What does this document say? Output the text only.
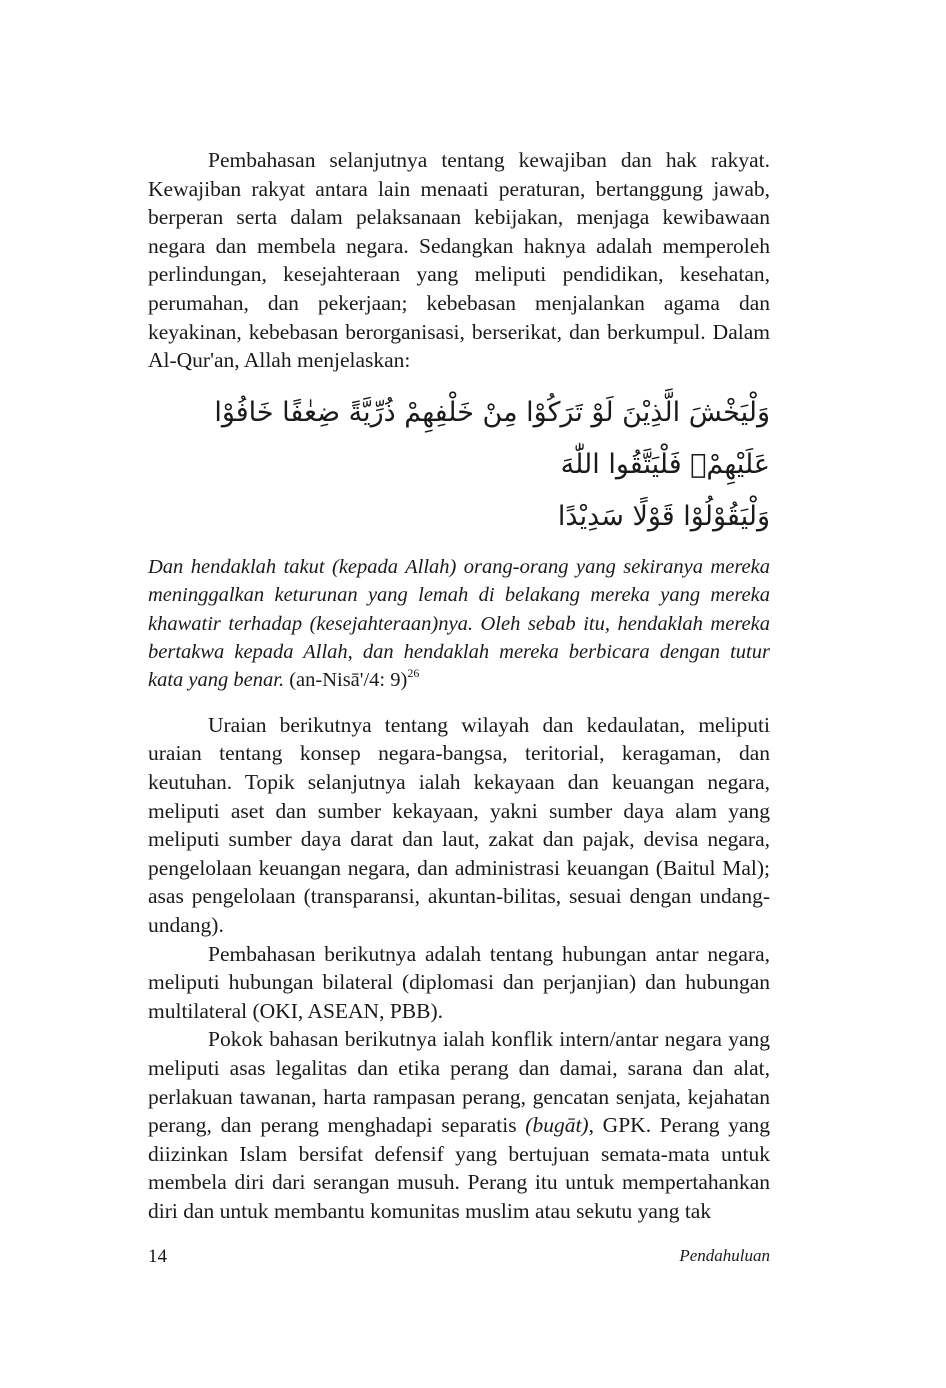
Pembahasan selanjutnya tentang kewajiban dan hak rakyat. Kewajiban rakyat antara lain menaati peraturan, bertanggung jawab, berperan serta dalam pelaksanaan kebijakan, menjaga kewibawaan negara dan membela negara. Sedangkan haknya adalah memperoleh perlindungan, kesejahteraan yang meliputi pendidikan, kesehatan, perumahan, dan pekerjaan; kebebasan menjalankan agama dan keyakinan, kebebasan berorganisasi, berserikat, dan berkumpul. Dalam Al-Qur'an, Allah menjelaskan:

وَلْيَخْشَ الَّذِيْنَ لَوْ تَرَكُوْا مِنْ خَلْفِهِمْ ذُرِّيَّةً ضِعٰفًا خَافُوْا عَلَيْهِمْۖ فَلْيَتَّقُوا اللّٰهَ
وَلْيَقُوْلُوْا قَوْلًا سَدِيْدًا

Dan hendaklah takut (kepada Allah) orang-orang yang sekiranya mereka meninggalkan keturunan yang lemah di belakang mereka yang mereka khawatir terhadap (kesejahteraan)nya. Oleh sebab itu, hendaklah mereka bertakwa kepada Allah, dan hendaklah mereka berbicara dengan tutur kata yang benar. (an-Nisā'/4: 9)$^{26}$

Uraian berikutnya tentang wilayah dan kedaulatan, meliputi uraian tentang konsep negara-bangsa, teritorial, keragaman, dan keutuhan. Topik selanjutnya ialah kekayaan dan keuangan negara, meliputi aset dan sumber kekayaan, yakni sumber daya alam yang meliputi sumber daya darat dan laut, zakat dan pajak, devisa negara, pengelolaan keuangan negara, dan administrasi keuangan (Baitul Mal); asas pengelolaan (transparansi, akuntan-bilitas, sesuai dengan undang-undang).

Pembahasan berikutnya adalah tentang hubungan antar negara, meliputi hubungan bilateral (diplomasi dan perjanjian) dan hubungan multilateral (OKI, ASEAN, PBB).

Pokok bahasan berikutnya ialah konflik intern/antar negara yang meliputi asas legalitas dan etika perang dan damai, sarana dan alat, perlakuan tawanan, harta rampasan perang, gencatan senjata, kejahatan perang, dan perang menghadapi separatis (bugāt), GPK. Perang yang diizinkan Islam bersifat defensif yang bertujuan semata-mata untuk membela diri dari serangan musuh. Perang itu untuk mempertahankan diri dan untuk membantu komunitas muslim atau sekutu yang tak

14	Pendahuluan
